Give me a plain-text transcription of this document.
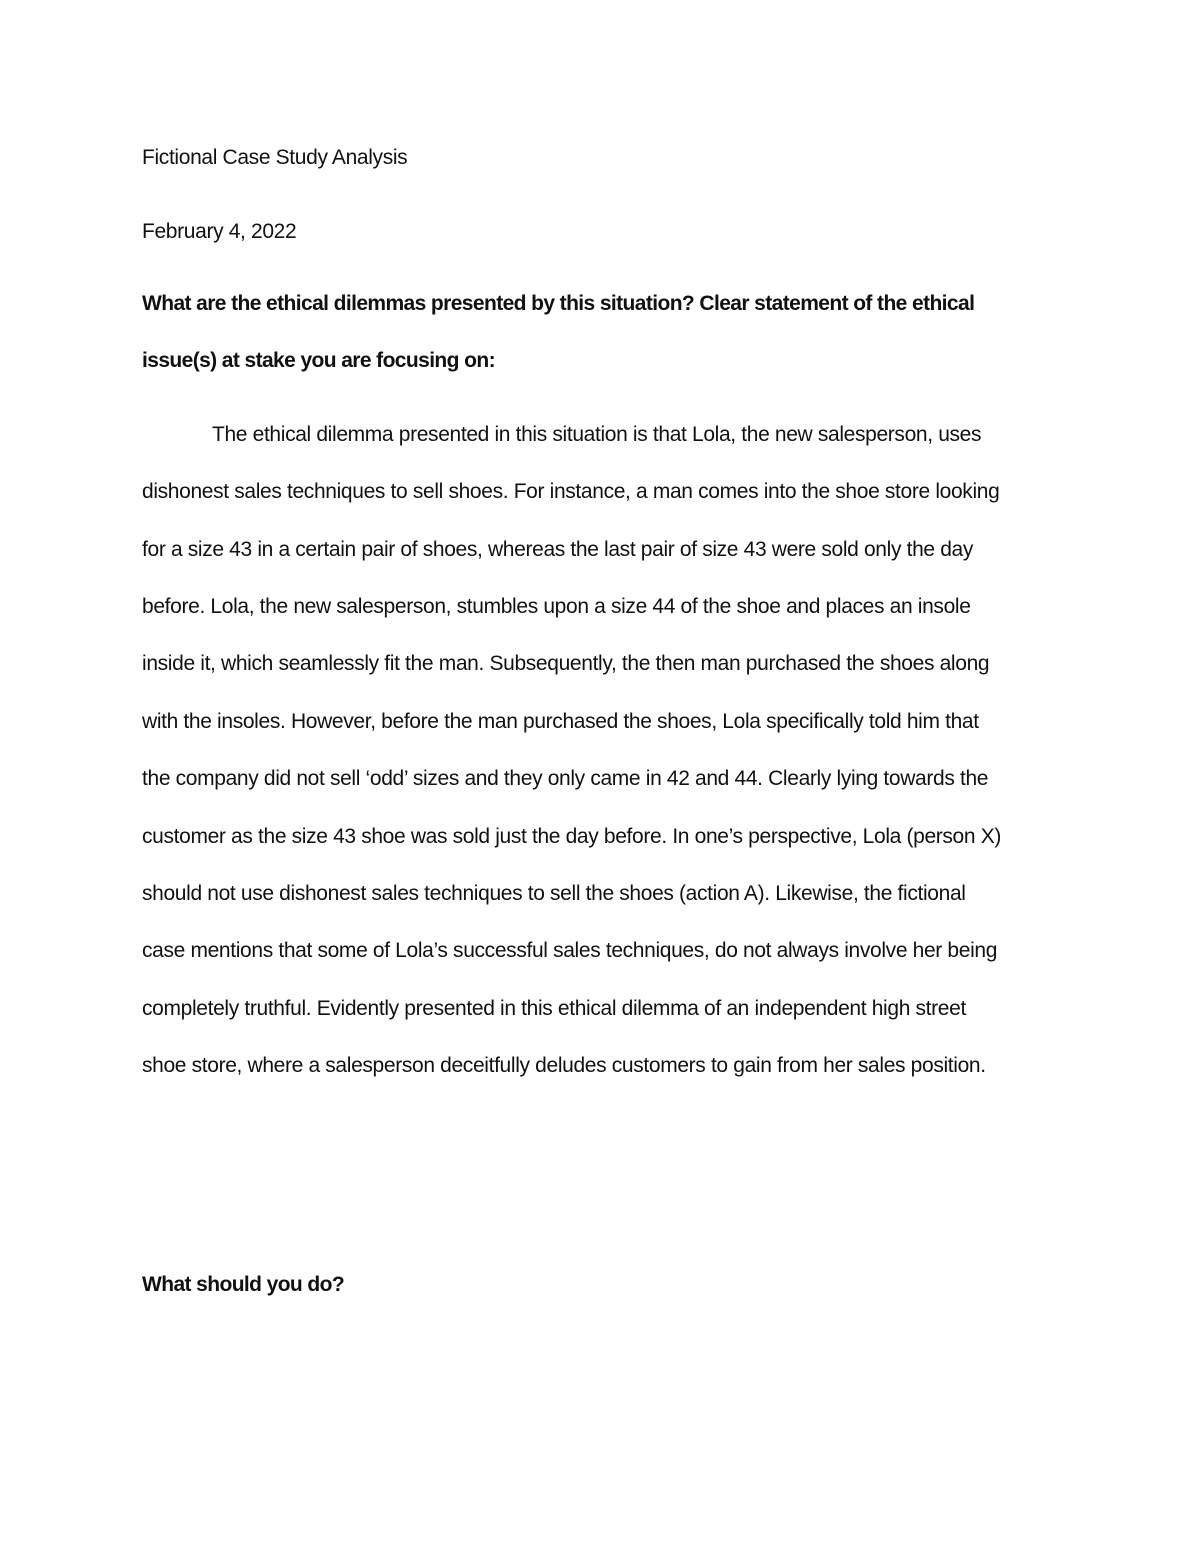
Fictional Case Study Analysis
February 4, 2022
What are the ethical dilemmas presented by this situation? Clear statement of the ethical
issue(s) at stake you are focusing on:
The ethical dilemma presented in this situation is that Lola, the new salesperson, uses
dishonest sales techniques to sell shoes. For instance, a man comes into the shoe store looking
for a size 43 in a certain pair of shoes, whereas the last pair of size 43 were sold only the day
before. Lola, the new salesperson, stumbles upon a size 44 of the shoe and places an insole
inside it, which seamlessly fit the man. Subsequently, the then man purchased the shoes along
with the insoles. However, before the man purchased the shoes, Lola specifically told him that
the company did not sell ‘odd’ sizes and they only came in 42 and 44. Clearly lying towards the
customer as the size 43 shoe was sold just the day before. In one’s perspective, Lola (person X)
should not use dishonest sales techniques to sell the shoes (action A). Likewise, the fictional
case mentions that some of Lola’s successful sales techniques, do not always involve her being
completely truthful. Evidently presented in this ethical dilemma of an independent high street
shoe store, where a salesperson deceitfully deludes customers to gain from her sales position.
What should you do?
